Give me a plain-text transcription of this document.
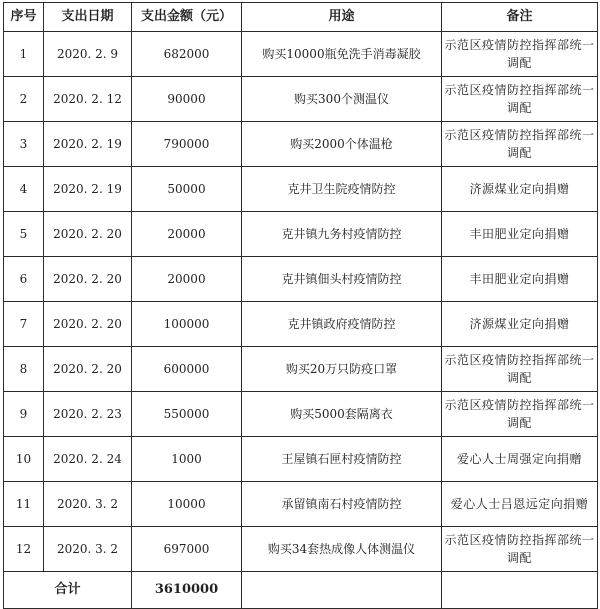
序号	支出日期	支出金额（元）	用途	备注
1	2020. 2. 9	682000	购买10000瓶免洗手消毒凝胶	示范区疫情防控指挥部统一调配

2	2020. 2. 12	90000	购买300个测温仪	示范区疫情防控指挥部统一调配

3	2020. 2. 19	790000	购买2000个体温枪	示范区疫情防控指挥部统一调配

4	2020. 2. 19	50000	克井卫生院疫情防控	济源煤业定向捐赠

5	2020. 2. 20	20000	克井镇九务村疫情防控	丰田肥业定向捐赠

6	2020. 2. 20	20000	克井镇佃头村疫情防控	丰田肥业定向捐赠

7	2020. 2. 20	100000	克井镇政府疫情防控	济源煤业定向捐赠

8	2020. 2. 20	600000	购买20万只防疫口罩	示范区疫情防控指挥部统一调配

9	2020. 2. 23	550000	购买5000套隔离衣	示范区疫情防控指挥部统一调配

10	2020. 2. 24	1000	王屋镇石匣村疫情防控	爱心人士周强定向捐赠

11	2020. 3. 2	10000	承留镇南石村疫情防控	爱心人士吕恩远定向捐赠

12	2020. 3. 2	697000	购买34套热成像人体测温仪	示范区疫情防控指挥部统一调配

合计		3610000		
